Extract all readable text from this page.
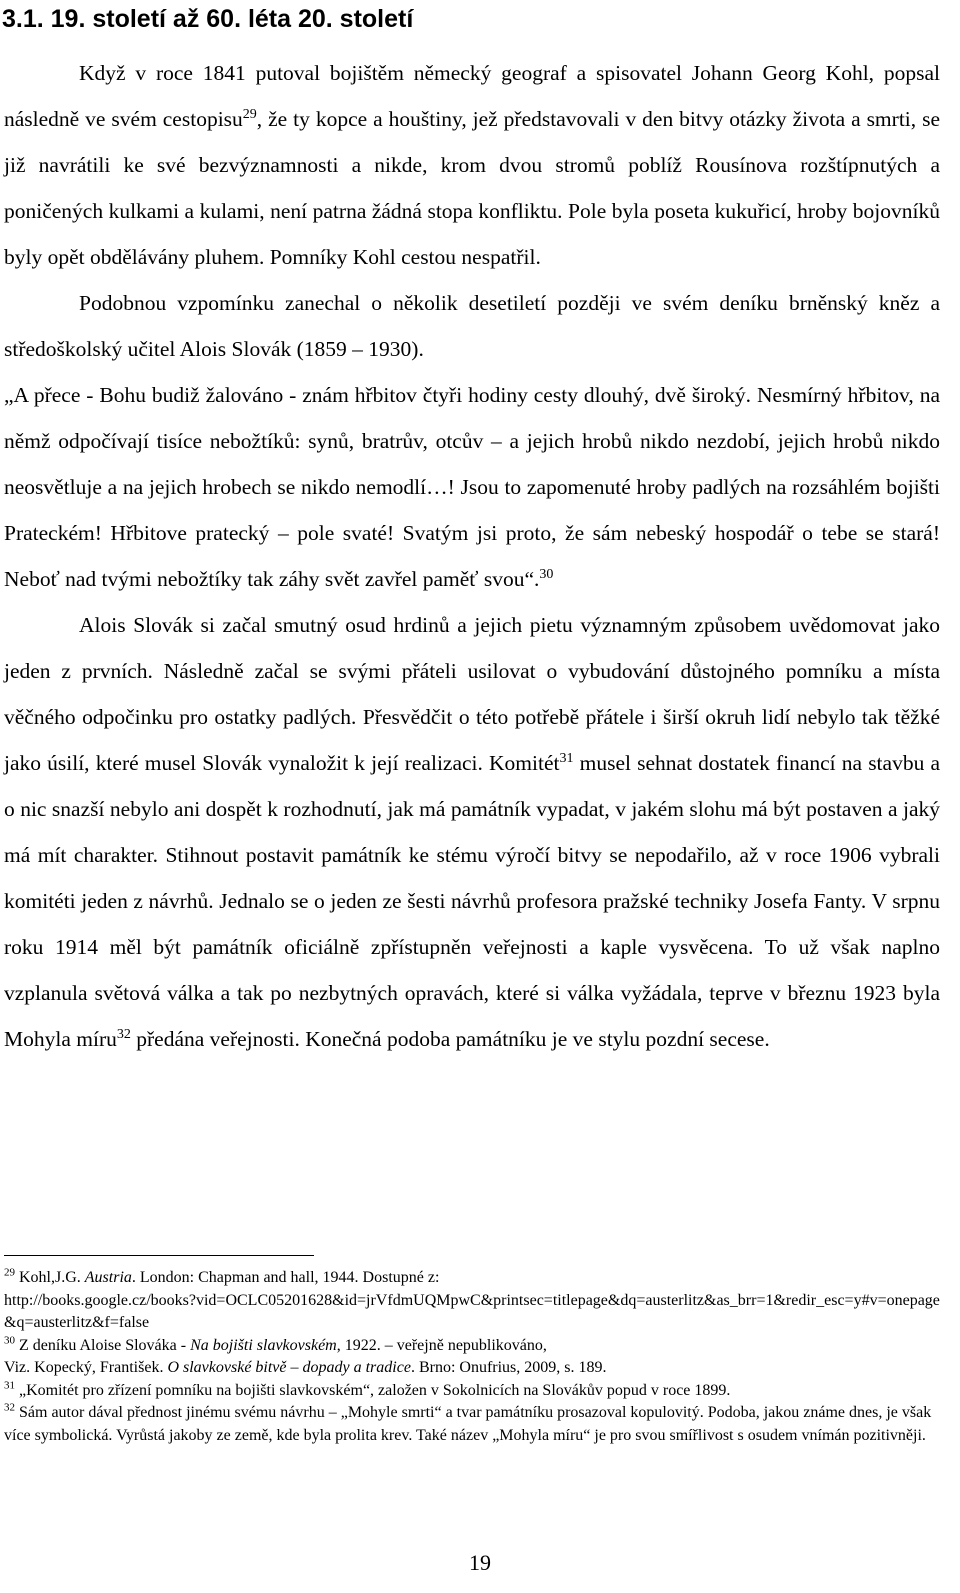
3.1. 19. století až 60. léta 20. století

Když v roce 1841 putoval bojištěm německý geograf a spisovatel Johann Georg Kohl, popsal následně ve svém cestopisu$^{29}$, že ty kopce a houštiny, jež představovali v den bitvy otázky života a smrti, se již navrátili ke své bezvýznamnosti a nikde, krom dvou stromů poblíž Rousínova rozštípnutých a poničených kulkami a kulami, není patrna žádná stopa konfliktu. Pole byla poseta kukuřicí, hroby bojovníků byly opět obdělávány pluhem. Pomníky Kohl cestou nespatřil.

Podobnou vzpomínku zanechal o několik desetiletí později ve svém deníku brněnský kněz a středoškolský učitel Alois Slovák (1859 – 1930).

„A přece - Bohu budiž žalováno - znám hřbitov čtyři hodiny cesty dlouhý, dvě široký. Nesmírný hřbitov, na němž odpočívají tisíce nebožtíků: synů, bratrův, otcův – a jejich hrobů nikdo nezdobí, jejich hrobů nikdo neosvětluje a na jejich hrobech se nikdo nemodlí…! Jsou to zapomenuté hroby padlých na rozsáhlém bojišti Prateckém! Hřbitove pratecký – pole svaté! Svatým jsi proto, že sám nebeský hospodář o tebe se stará! Neboť nad tvými nebožtíky tak záhy svět zavřel paměť svou“.$^{30}$

Alois Slovák si začal smutný osud hrdinů a jejich pietu významným způsobem uvědomovat jako jeden z prvních. Následně začal se svými přáteli usilovat o vybudování důstojného pomníku a místa věčného odpočinku pro ostatky padlých. Přesvědčit o této potřebě přátele i širší okruh lidí nebylo tak těžké jako úsilí, které musel Slovák vynaložit k její realizaci. Komitét$^{31}$ musel sehnat dostatek financí na stavbu a o nic snazší nebylo ani dospět k rozhodnutí, jak má památník vypadat, v jakém slohu má být postaven a jaký má mít charakter. Stihnout postavit památník ke stému výročí bitvy se nepodařilo, až v roce 1906 vybrali komitéti jeden z návrhů. Jednalo se o jeden ze šesti návrhů profesora pražské techniky Josefa Fanty. V srpnu roku 1914 měl být památník oficiálně zpřístupněn veřejnosti a kaple vysvěcena. To už však naplno vzplanula světová válka a tak po nezbytných opravách, které si válka vyžádala, teprve v březnu 1923 byla Mohyla míru$^{32}$ předána veřejnosti. Konečná podoba památníku je ve stylu pozdní secese.

$^{29}$ Kohl,J.G. Austria. London: Chapman and hall, 1944. Dostupné z:
http://books.google.cz/books?vid=OCLC05201628&id=jrVfdmUQMpwC&printsec=titlepage&dq=austerlitz&as_brr=1&redir_esc=y#v=onepage&q=austerlitz&f=false

$^{30}$ Z deníku Aloise Slováka - Na bojišti slavkovském, 1922. – veřejně nepublikováno,
Viz. Kopecký, František. O slavkovské bitvě – dopady a tradice. Brno: Onufrius, 2009, s. 189.

$^{31}$ „Komitét pro zřízení pomníku na bojišti slavkovském“, založen v Sokolnicích na Slovákův popud v roce 1899.

$^{32}$ Sám autor dával přednost jinému svému návrhu – „Mohyle smrti“ a tvar památníku prosazoval kopulovitý. Podoba, jakou známe dnes, je však více symbolická. Vyrůstá jakoby ze země, kde byla prolita krev. Také název „Mohyla míru“ je pro svou smířlivost s osudem vnímán pozitivněji.

19
